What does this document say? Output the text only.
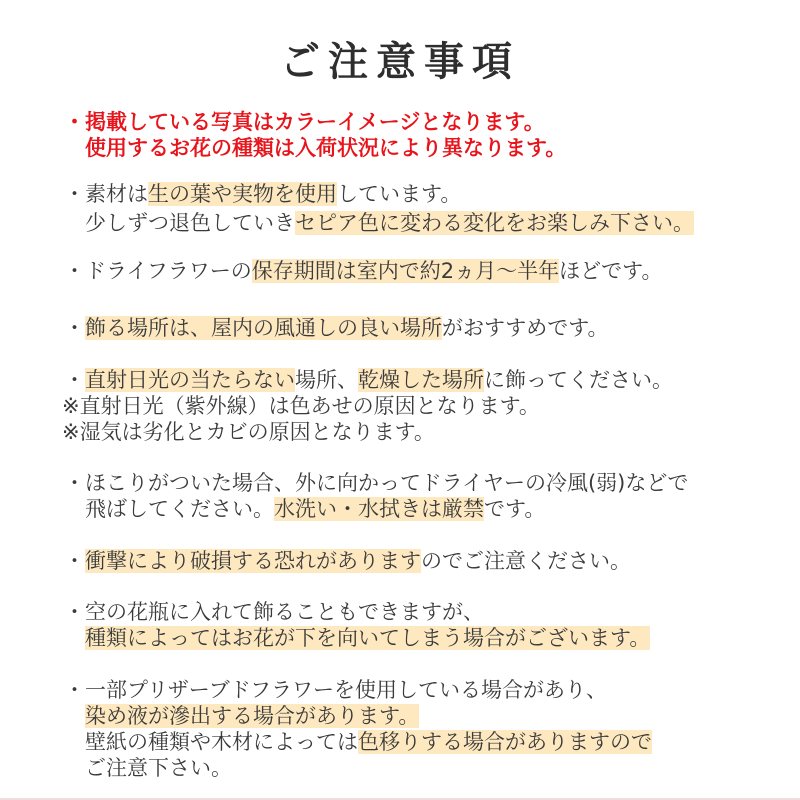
ご注意事項
・掲載している写真はカラーイメージとなります。
　使用するお花の種類は入荷状況により異なります。
・素材は生の葉や実物を使用しています。
　少しずつ退色していきセピア色に変わる変化をお楽しみ下さい。
・ドライフラワーの保存期間は室内で約2ヵ月～半年ほどです。
・飾る場所は、屋内の風通しの良い場所がおすすめです。
・直射日光の当たらない場所、乾燥した場所に飾ってください。
※直射日光（紫外線）は色あせの原因となります。
※湿気は劣化とカビの原因となります。
・ほこりがついた場合、外に向かってドライヤーの冷風(弱)などで
　飛ばしてください。水洗い・水拭きは厳禁です。
・衝撃により破損する恐れがありますのでご注意ください。
・空の花瓶に入れて飾ることもできますが、
　種類によってはお花が下を向いてしまう場合がございます。
・一部プリザーブドフラワーを使用している場合があり、
　染め液が滲出する場合があります。
　壁紙の種類や木材によっては色移りする場合がありますので
　ご注意下さい。
